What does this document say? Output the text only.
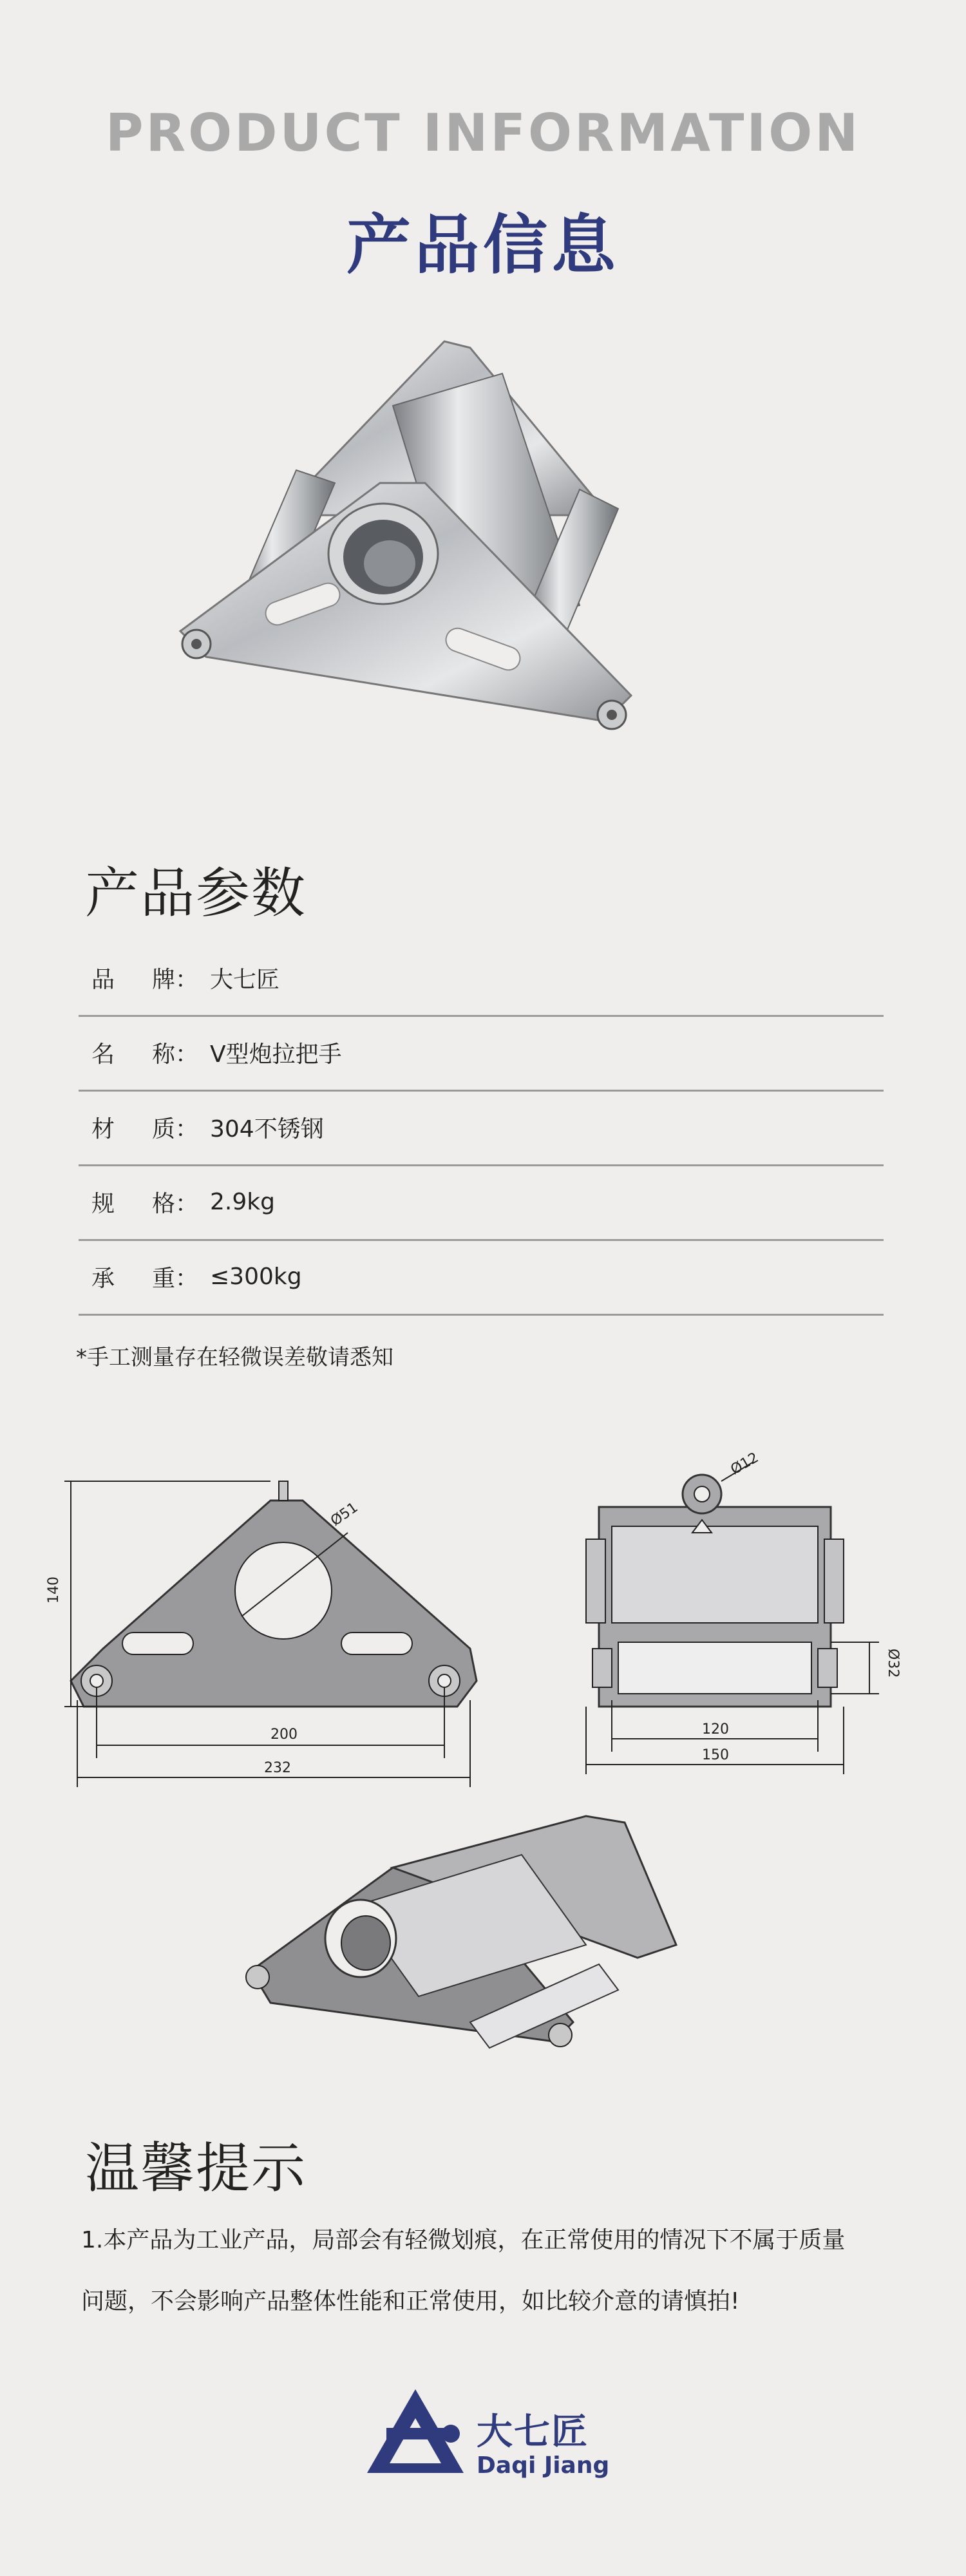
PRODUCT INFORMATION
产品信息
产品参数
品 牌： 大七匠
名 称： V型炮拉把手
材 质： 304不锈钢
规 格： 2.9kg
承 重： ≤300kg
*手工测量存在轻微误差敬请悉知
140
200
232
Ø51
Ø12
120
150
Ø32
温馨提示
1.本产品为工业产品，局部会有轻微划痕，在正常使用的情况下不属于质量
问题，不会影响产品整体性能和正常使用，如比较介意的请慎拍!
大七匠
Daqi Jiang
